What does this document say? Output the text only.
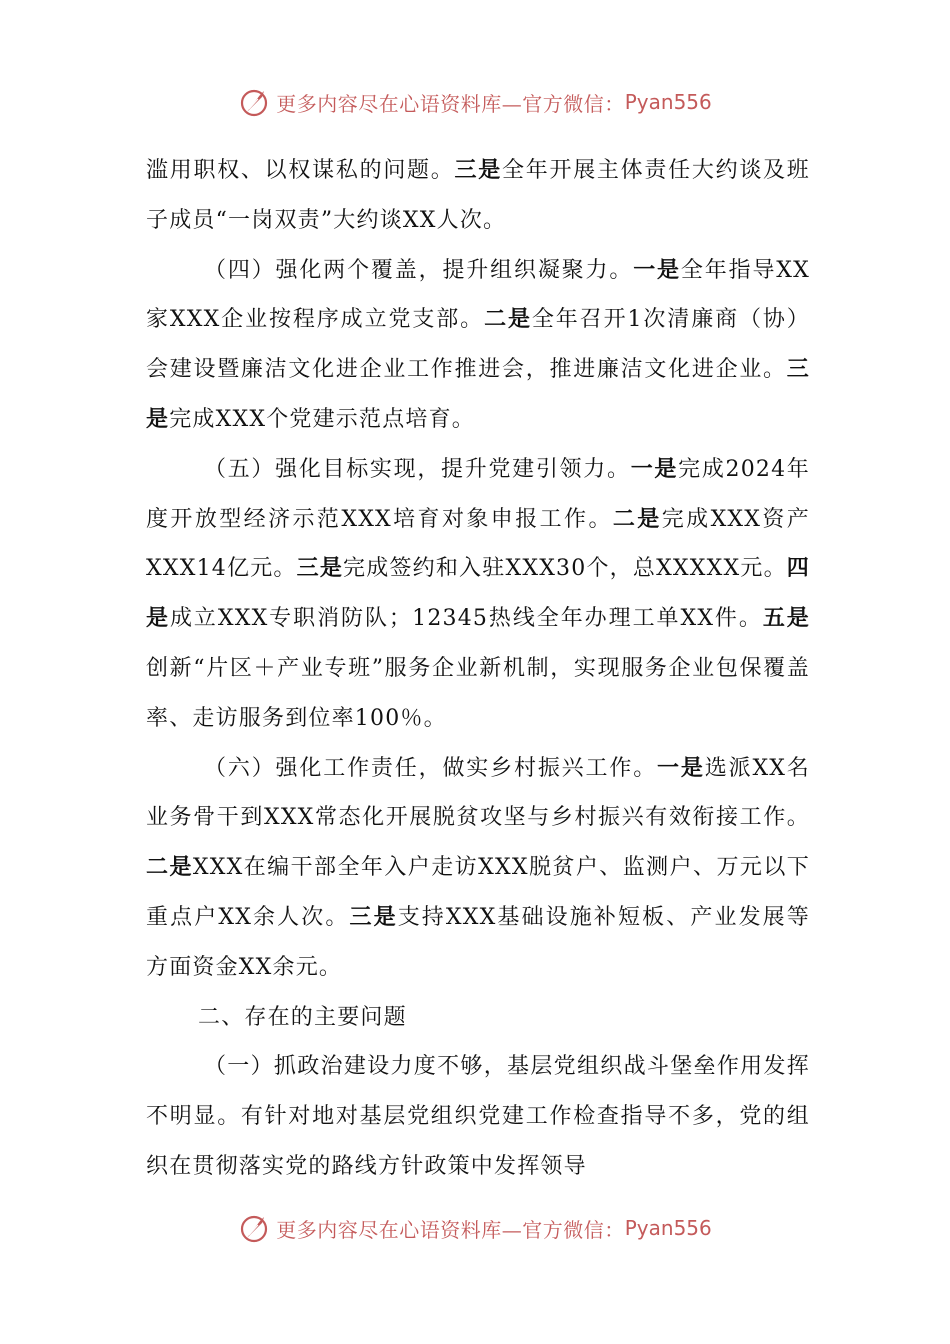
更多内容尽在心语资料库—官方微信： Pyan556

滥用职权、以权谋私的问题。三是全年开展主体责任大约谈及班子成员“一岗双责”大约谈XX人次。

（四）强化两个覆盖，提升组织凝聚力。一是全年指导XX家XXX企业按程序成立党支部。二是全年召开1次清廉商（协）会建设暨廉洁文化进企业工作推进会，推进廉洁文化进企业。三是完成XXX个党建示范点培育。

（五）强化目标实现，提升党建引领力。一是完成2024年度开放型经济示范XXX培育对象申报工作。二是完成XXX资产XXX14亿元。三是完成签约和入驻XXX30个，总XXXXX元。四是成立XXX专职消防队；12345热线全年办理工单XX件。五是创新“片区＋产业专班”服务企业新机制，实现服务企业包保覆盖率、走访服务到位率100％。

（六）强化工作责任，做实乡村振兴工作。一是选派XX名业务骨干到XXX常态化开展脱贫攻坚与乡村振兴有效衔接工作。二是XXX在编干部全年入户走访XXX脱贫户、监测户、万元以下重点户XX余人次。三是支持XXX基础设施补短板、产业发展等方面资金XX余元。

二、存在的主要问题

（一）抓政治建设力度不够，基层党组织战斗堡垒作用发挥不明显。有针对地对基层党组织党建工作检查指导不多，党的组织在贯彻落实党的路线方针政策中发挥领导

更多内容尽在心语资料库—官方微信： Pyan556
